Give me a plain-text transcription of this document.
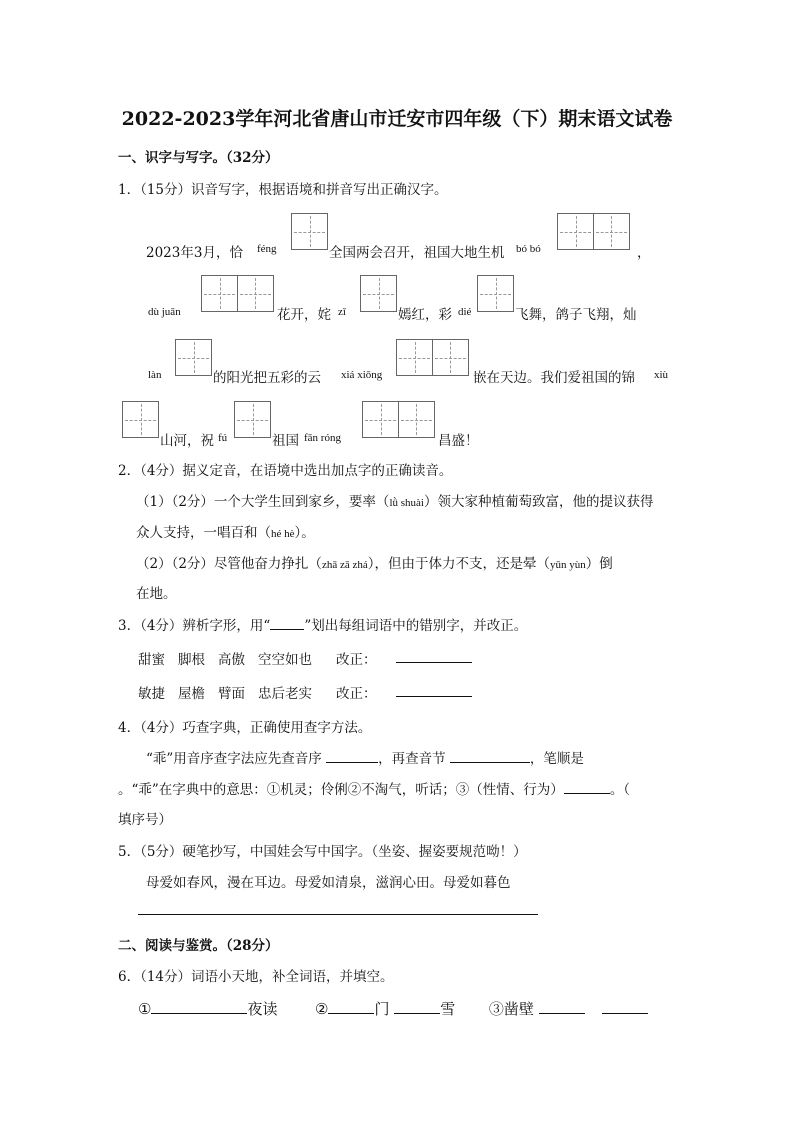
2022-2023学年河北省唐山市迁安市四年级（下）期末语文试卷
一、识字与写字。（32分）
1．（15分）识音写字，根据语境和拼音写出正确汉字。
2023年3月，恰 féng	全国两会召开，祖国大地生机 bó bó	，
dù juān	花开，姹 zǐ	嫣红，彩 dié	飞舞，鸽子飞翔，灿
làn	的阳光把五彩的云 xiá xiōng	嵌在天边。我们爱祖国的锦 xiù
山河，祝 fú	祖国 fān róng	昌盛！
2．（4分）据义定音，在语境中选出加点字的正确读音。
（1）（2分）一个大学生回到家乡，要率（lǜ shuài）领大家种植葡萄致富，他的提议获得
众人支持，一唱百和（hé hè）。
（2）（2分）尽管他奋力挣扎（zhā zā zhá），但由于体力不支，还是晕（yūn yùn）倒
在地。
3．（4分）辨析字形，用“	”划出每组词语中的错别字，并改正。
甜蜜 脚根 高傲 空空如也 改正：
敏捷 屋檐 臂面 忠后老实 改正：
4．（4分）巧查字典，正确使用查字方法。
“乖”用音序查字法应先查音序	，再查音节	，笔顺是
。“乖”在字典中的意思：①机灵；伶俐②不淘气，听话；③（性情、行为）	。（
填序号）
5．（5分）硬笔抄写，中国娃会写中国字。（坐姿、握姿要规范呦！）
母爱如春风，漫在耳边。母爱如清泉，滋润心田。母爱如暮色
二、阅读与鉴赏。（28分）
6．（14分）词语小天地，补全词语，并填空。
①	夜读	②	门	雪 ③凿壁
